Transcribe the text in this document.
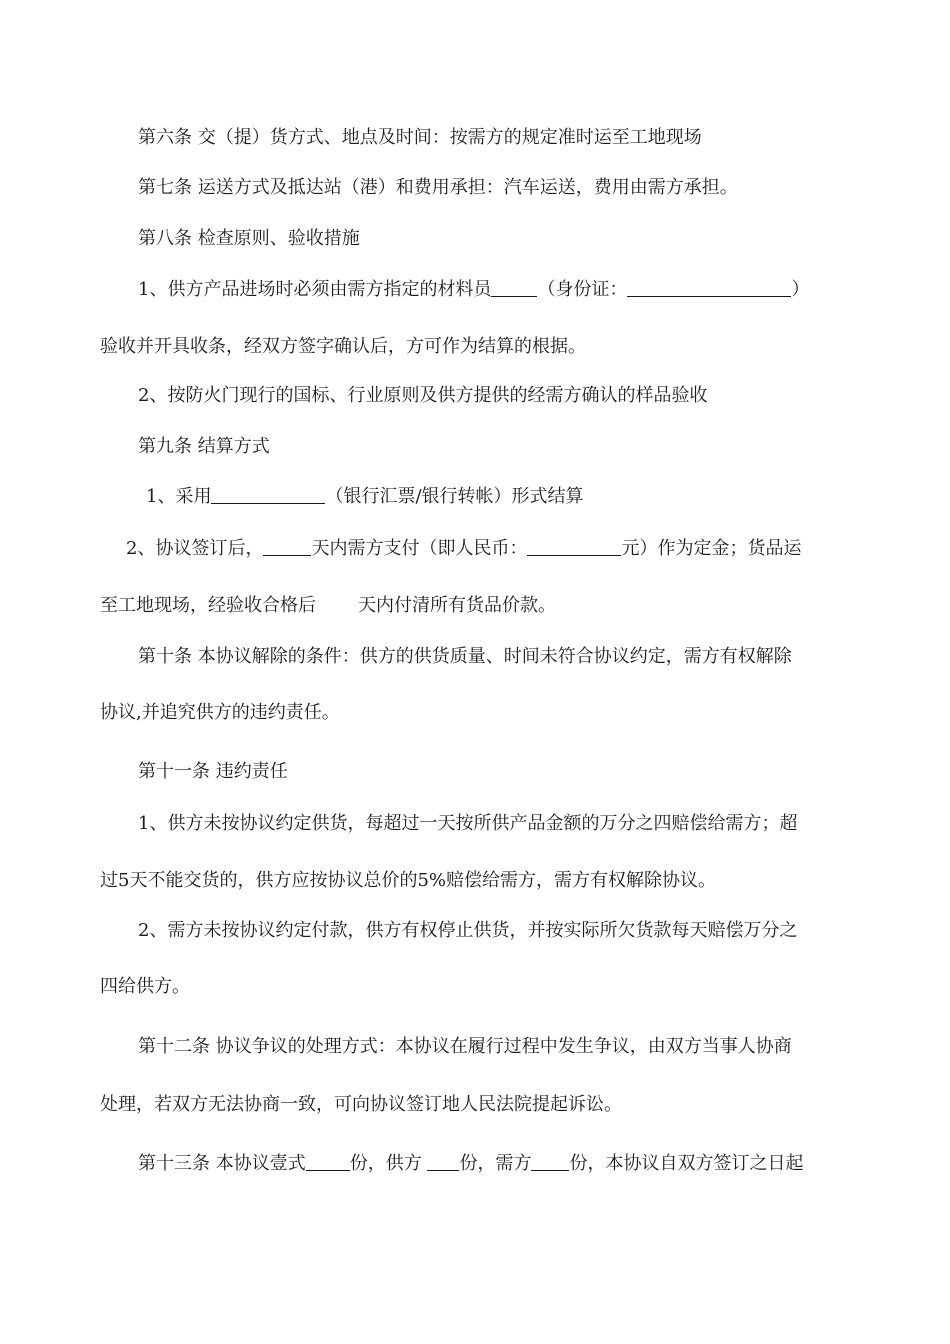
第六条 交（提）货方式、地点及时间：按需方的规定准时运至工地现场
第七条 运送方式及抵达站（港）和费用承担：汽车运送，费用由需方承担。
第八条 检查原则、验收措施
1、供方产品进场时必须由需方指定的材料员	（身份证：	）
验收并开具收条，经双方签字确认后，方可作为结算的根据。
2、按防火门现行的国标、行业原则及供方提供的经需方确认的样品验收
第九条 结算方式
1、采用	（银行汇票/银行转帐）形式结算
2、协议签订后，	天内需方支付（即人民币：	元）作为定金；货品运
至工地现场，经验收合格后 天内付清所有货品价款。
第十条 本协议解除的条件：供方的供货质量、时间未符合协议约定，需方有权解除
协议,并追究供方的违约责任。
第十一条 违约责任
1、供方未按协议约定供货，每超过一天按所供产品金额的万分之四赔偿给需方；超
过5天不能交货的，供方应按协议总价的5%赔偿给需方，需方有权解除协议。
2、需方未按协议约定付款，供方有权停止供货，并按实际所欠货款每天赔偿万分之
四给供方。
第十二条 协议争议的处理方式：本协议在履行过程中发生争议，由双方当事人协商
处理，若双方无法协商一致，可向协议签订地人民法院提起诉讼。
第十三条 本协议壹式 份，供方 份，需方 份，本协议自双方签订之日起
